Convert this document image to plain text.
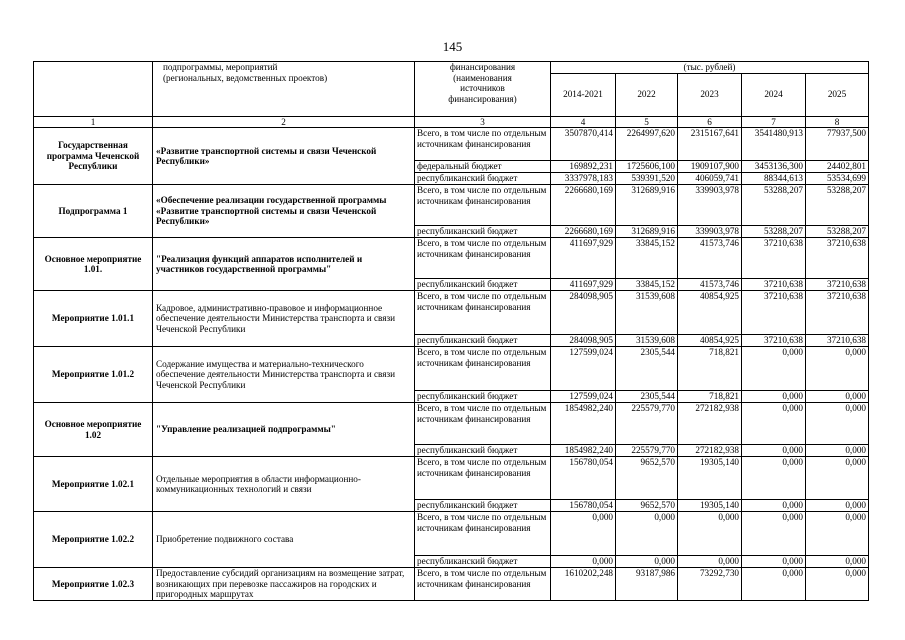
145
	подпрограммы, мероприятий
(региональных, ведомственных проектов)	финансирования
(наименования
источников
финансирования)	(тыс. рублей)				
			2014-2021	2022	2023	2024	2025
1	2	3	4	5	6	7	8
Государственная программа Чеченской Республики	«Развитие транспортной системы и связи Чеченской Республики»	Всего, в том числе по отдельным источникам финансирования	3507870,414	2264997,620	2315167,641	3541480,913	77937,500
		федеральный бюджет	169892,231	1725606,100	1909107,900	3453136,300	24402,801
		республиканский бюджет	3337978,183	539391,520	406059,741	88344,613	53534,699
Подпрограмма 1	«Обеспечение реализации государственной программы «Развитие транспортной системы и связи Чеченской Республики»	Всего, в том числе по отдельным источникам финансирования	2266680,169	312689,916	339903,978	53288,207	53288,207
		республиканский бюджет	2266680,169	312689,916	339903,978	53288,207	53288,207
Основное мероприятие 1.01.	"Реализация функций аппаратов исполнителей и участников государственной программы"	Всего, в том числе по отдельным источникам финансирования	411697,929	33845,152	41573,746	37210,638	37210,638
		республиканский бюджет	411697,929	33845,152	41573,746	37210,638	37210,638
Мероприятие 1.01.1	Кадровое, административно-правовое и информационное обеспечение деятельности Министерства транспорта и связи Чеченской Республики	Всего, в том числе по отдельным источникам финансирования	284098,905	31539,608	40854,925	37210,638	37210,638
		республиканский бюджет	284098,905	31539,608	40854,925	37210,638	37210,638
Мероприятие 1.01.2	Содержание имущества и материально-технического обеспечение деятельности Министерства транспорта и связи Чеченской Республики	Всего, в том числе по отдельным источникам финансирования	127599,024	2305,544	718,821	0,000	0,000
		республиканский бюджет	127599,024	2305,544	718,821	0,000	0,000
Основное мероприятие 1.02	"Управление реализацией подпрограммы"	Всего, в том числе по отдельным источникам финансирования	1854982,240	225579,770	272182,938	0,000	0,000
		республиканский бюджет	1854982,240	225579,770	272182,938	0,000	0,000
Мероприятие 1.02.1	Отдельные мероприятия в области информационно-коммуникационных технологий и связи	Всего, в том числе по отдельным источникам финансирования	156780,054	9652,570	19305,140	0,000	0,000
		республиканский бюджет	156780,054	9652,570	19305,140	0,000	0,000
Мероприятие 1.02.2	Приобретение подвижного состава	Всего, в том числе по отдельным источникам финансирования	0,000	0,000	0,000	0,000	0,000
		республиканский бюджет	0,000	0,000	0,000	0,000	0,000
Мероприятие 1.02.3	Предоставление субсидий организациям на возмещение затрат, возникающих при перевозке пассажиров на городских и пригородных маршрутах	Всего, в том числе по отдельным источникам финансирования	1610202,248	93187,986	73292,730	0,000	0,000
